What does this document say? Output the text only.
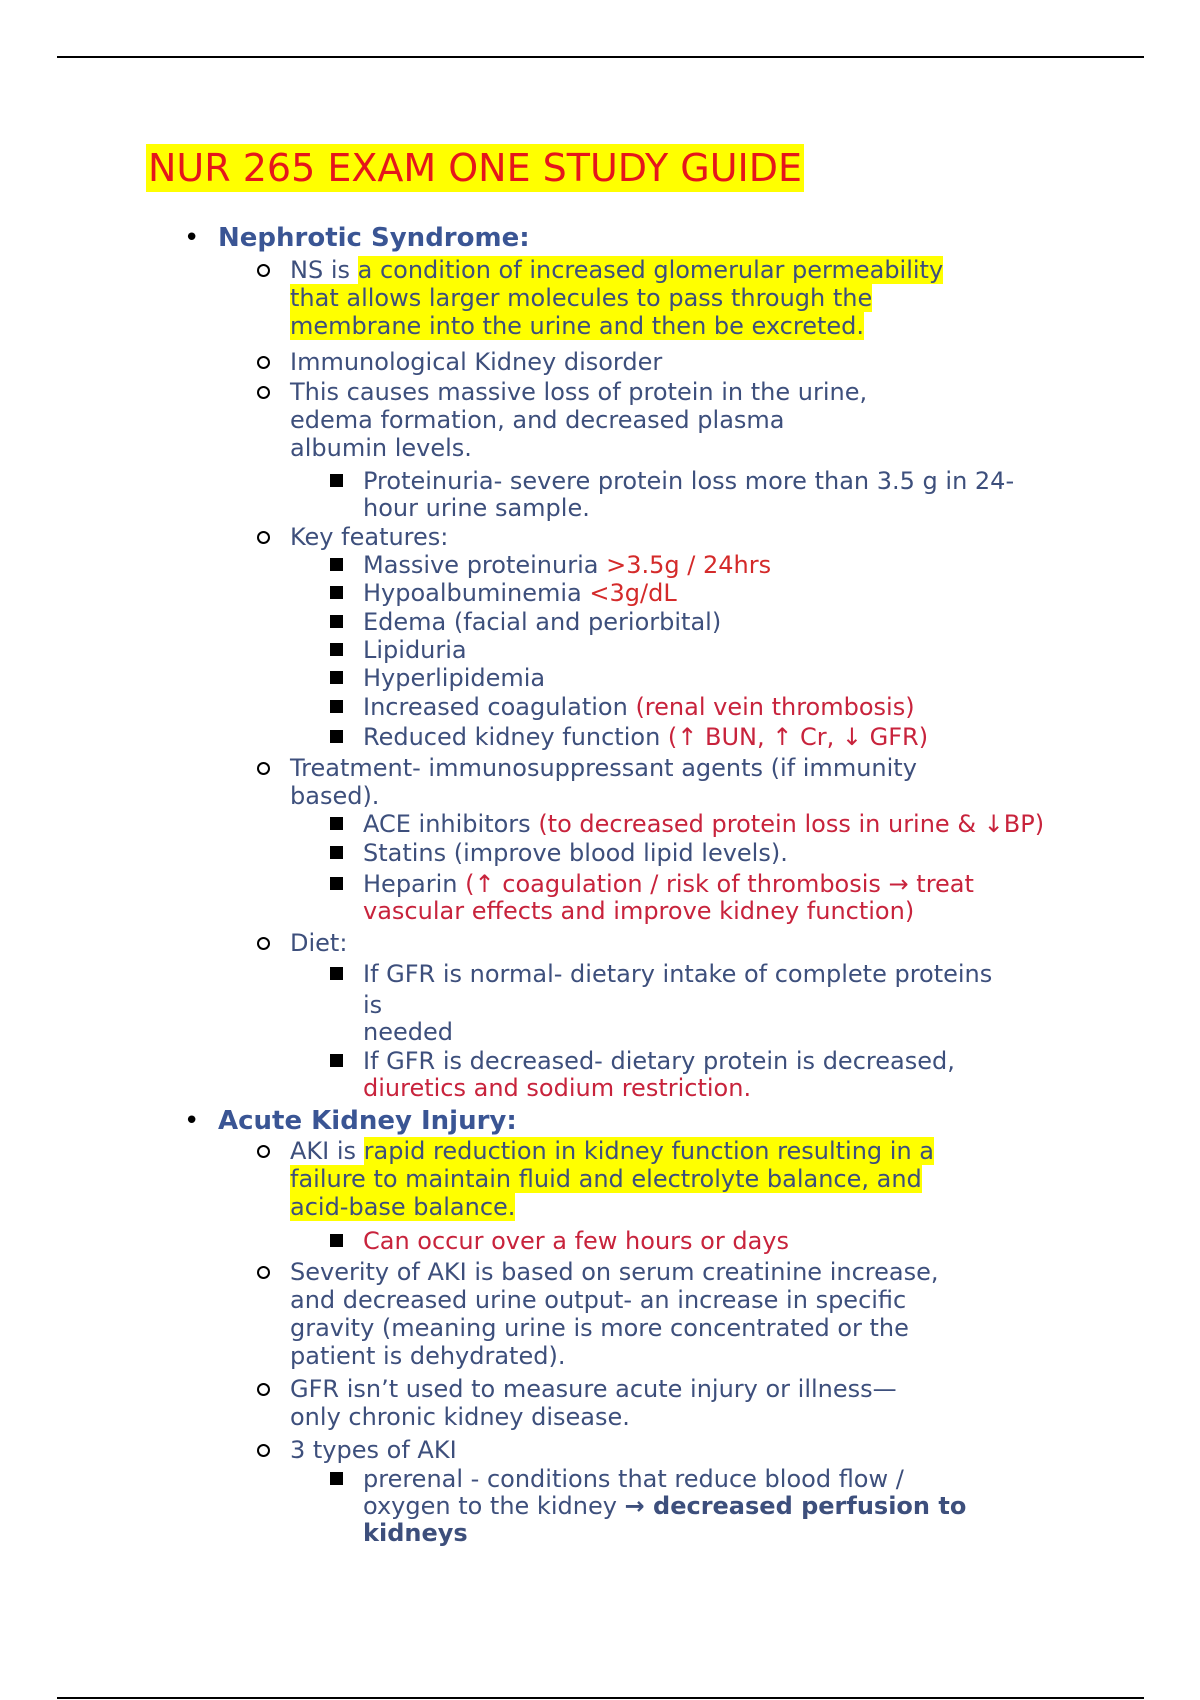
NUR 265 EXAM ONE STUDY GUIDE
• Nephrotic Syndrome:
NS is a condition of increased glomerular permeability
that allows larger molecules to pass through the
membrane into the urine and then be excreted.
Immunological Kidney disorder
This causes massive loss of protein in the urine,
edema formation, and decreased plasma
albumin levels.
Proteinuria- severe protein loss more than 3.5 g in 24-
hour urine sample.
Key features:
Massive proteinuria >3.5g / 24hrs
Hypoalbuminemia <3g/dL
Edema (facial and periorbital)
Lipiduria
Hyperlipidemia
Increased coagulation (renal vein thrombosis)
Reduced kidney function (↑ BUN, ↑ Cr, ↓ GFR)
Treatment- immunosuppressant agents (if immunity
based).
ACE inhibitors (to decreased protein loss in urine & ↓BP)
Statins (improve blood lipid levels).
Heparin (↑ coagulation / risk of thrombosis → treat
vascular effects and improve kidney function)
Diet:
If GFR is normal- dietary intake of complete proteins
is
needed
If GFR is decreased- dietary protein is decreased,
diuretics and sodium restriction.
• Acute Kidney Injury:
AKI is rapid reduction in kidney function resulting in a
failure to maintain fluid and electrolyte balance, and
acid-base balance.
Can occur over a few hours or days
Severity of AKI is based on serum creatinine increase,
and decreased urine output- an increase in specific
gravity (meaning urine is more concentrated or the
patient is dehydrated).
GFR isn’t used to measure acute injury or illness—
only chronic kidney disease.
3 types of AKI
prerenal - conditions that reduce blood flow /
oxygen to the kidney → decreased perfusion to
kidneys
